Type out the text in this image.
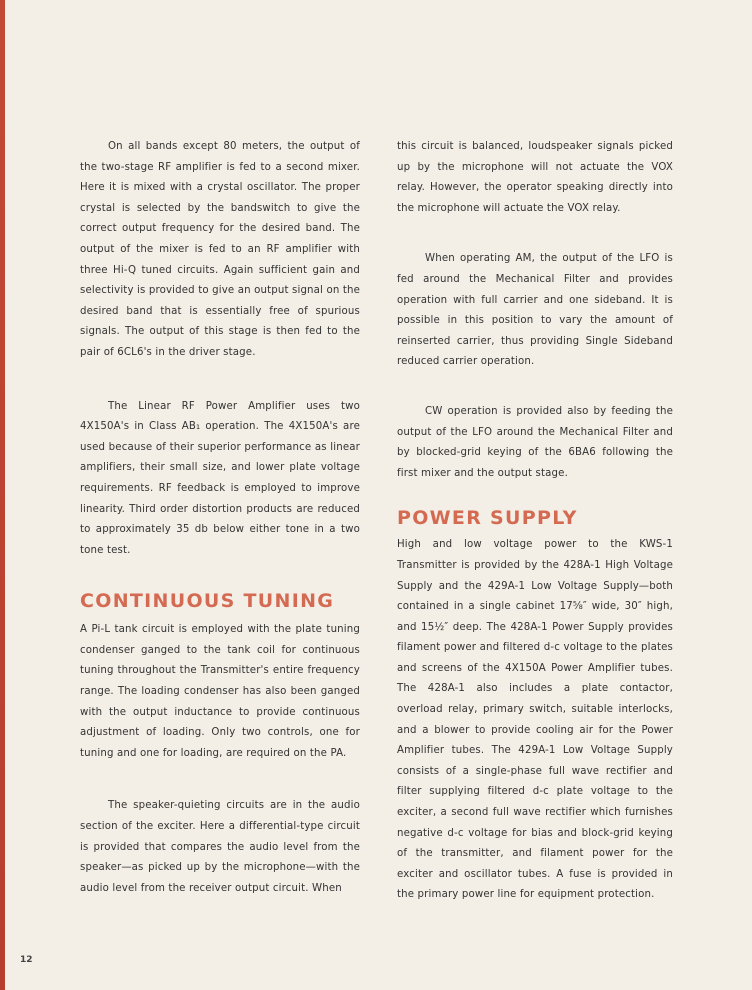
On all bands except 80 meters, the output of the two-stage RF amplifier is fed to a second mixer. Here it is mixed with a crystal oscillator. The proper crystal is selected by the bandswitch to give the correct output frequency for the desired band. The output of the mixer is fed to an RF amplifier with three Hi-Q tuned circuits. Again sufficient gain and selectivity is provided to give an output signal on the desired band that is essentially free of spurious signals. The output of this stage is then fed to the pair of 6CL6's in the driver stage.

The Linear RF Power Amplifier uses two 4X150A's in Class AB₁ operation. The 4X150A's are used because of their superior performance as linear amplifiers, their small size, and lower plate voltage requirements. RF feedback is employed to improve linearity. Third order distortion products are reduced to approximately 35 db below either tone in a two tone test.

CONTINUOUS TUNING

A Pi-L tank circuit is employed with the plate tuning condenser ganged to the tank coil for continuous tuning throughout the Transmitter's entire frequency range. The loading condenser has also been ganged with the output inductance to provide continuous adjustment of loading. Only two controls, one for tuning and one for loading, are required on the PA.

The speaker-quieting circuits are in the audio section of the exciter. Here a differential-type circuit is provided that compares the audio level from the speaker—as picked up by the microphone—with the audio level from the receiver output circuit. When

this circuit is balanced, loudspeaker signals picked up by the microphone will not actuate the VOX relay. However, the operator speaking directly into the microphone will actuate the VOX relay.

When operating AM, the output of the LFO is fed around the Mechanical Filter and provides operation with full carrier and one sideband. It is possible in this position to vary the amount of reinserted carrier, thus providing Single Sideband reduced carrier operation.

CW operation is provided also by feeding the output of the LFO around the Mechanical Filter and by blocked-grid keying of the 6BA6 following the first mixer and the output stage.

POWER SUPPLY

High and low voltage power to the KWS-1 Transmitter is provided by the 428A-1 High Voltage Supply and the 429A-1 Low Voltage Supply—both contained in a single cabinet 17⅝″ wide, 30″ high, and 15½″ deep. The 428A-1 Power Supply provides filament power and filtered d-c voltage to the plates and screens of the 4X150A Power Amplifier tubes. The 428A-1 also includes a plate contactor, overload relay, primary switch, suitable interlocks, and a blower to provide cooling air for the Power Amplifier tubes. The 429A-1 Low Voltage Supply consists of a single-phase full wave rectifier and filter supplying filtered d-c plate voltage to the exciter, a second full wave rectifier which furnishes negative d-c voltage for bias and block-grid keying of the transmitter, and filament power for the exciter and oscillator tubes. A fuse is provided in the primary power line for equipment protection.

12
